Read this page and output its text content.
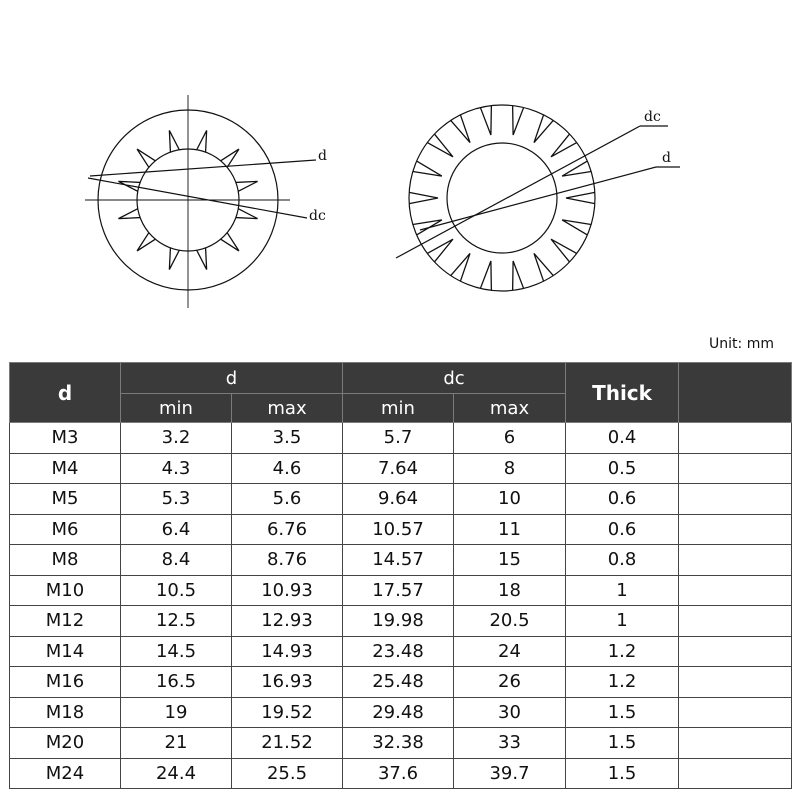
d
dc
dc
d
Unit: mm
d	d		dc		Thick	
	min	max	min	max		
M3	3.2	3.5	5.7	6	0.4	
M4	4.3	4.6	7.64	8	0.5	
M5	5.3	5.6	9.64	10	0.6	
M6	6.4	6.76	10.57	11	0.6	
M8	8.4	8.76	14.57	15	0.8	
M10	10.5	10.93	17.57	18	1	
M12	12.5	12.93	19.98	20.5	1	
M14	14.5	14.93	23.48	24	1.2	
M16	16.5	16.93	25.48	26	1.2	
M18	19	19.52	29.48	30	1.5	
M20	21	21.52	32.38	33	1.5	
M24	24.4	25.5	37.6	39.7	1.5	
